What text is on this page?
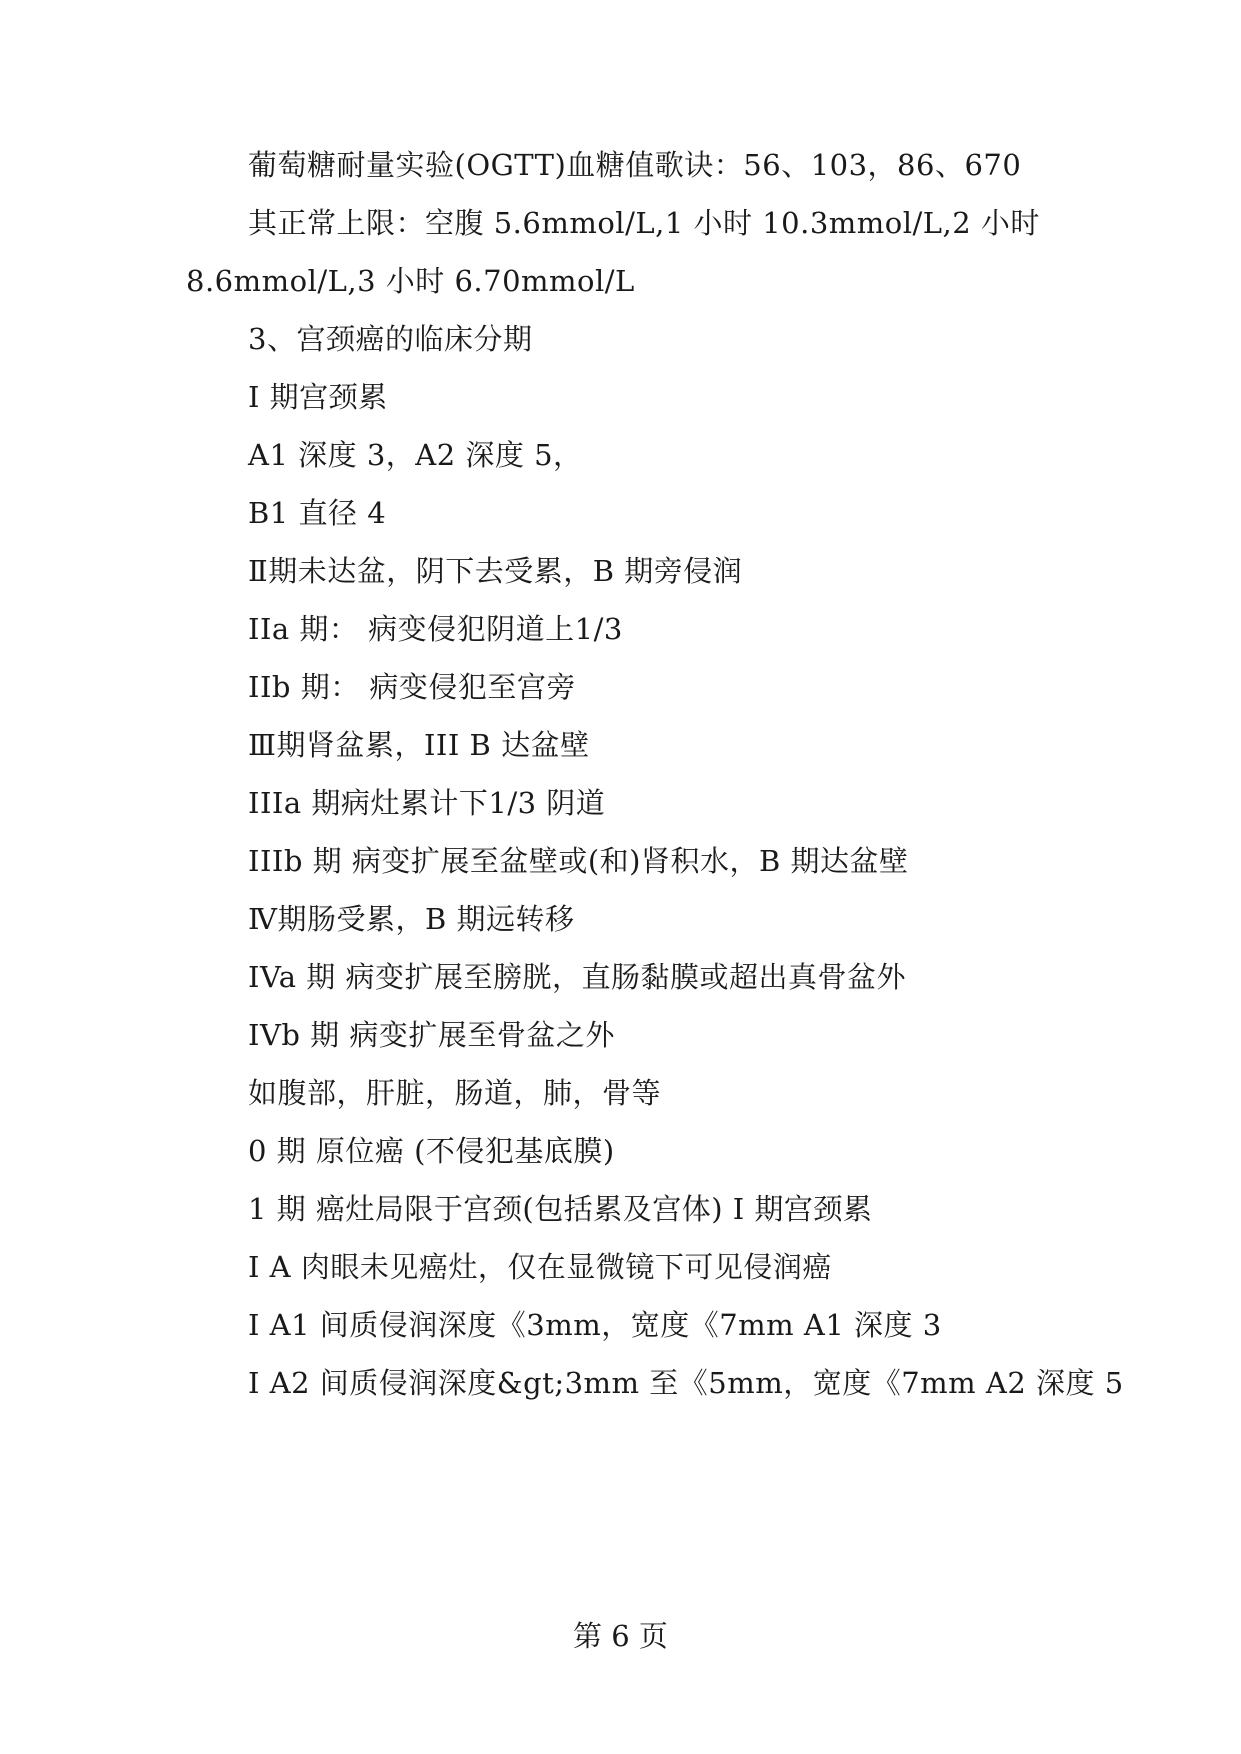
葡萄糖耐量实验(OGTT)血糖值歌诀：56、103，86、670
其正常上限：空腹 5.6mmol/L,1 小时 10.3mmol/L,2 小时
8.6mmol/L,3 小时 6.70mmol/L
3、宫颈癌的临床分期
I 期宫颈累
A1 深度 3，A2 深度 5，
B1 直径 4
Ⅱ期未达盆，阴下去受累，B 期旁侵润
IIa 期： 病变侵犯阴道上1/3
IIb 期： 病变侵犯至宫旁
Ⅲ期肾盆累，III B 达盆壁
IIIa 期病灶累计下1/3 阴道
IIIb 期 病变扩展至盆壁或(和)肾积水，B 期达盆壁
Ⅳ期肠受累，B 期远转移
IVa 期 病变扩展至膀胱，直肠黏膜或超出真骨盆外
IVb 期 病变扩展至骨盆之外
如腹部，肝脏，肠道，肺，骨等
0 期 原位癌 (不侵犯基底膜)
1 期 癌灶局限于宫颈(包括累及宫体) I 期宫颈累
I A 肉眼未见癌灶，仅在显微镜下可见侵润癌
I A1 间质侵润深度《3mm，宽度《7mm A1 深度 3
I A2 间质侵润深度&gt;3mm 至《5mm，宽度《7mm A2 深度 5
第 6 页
